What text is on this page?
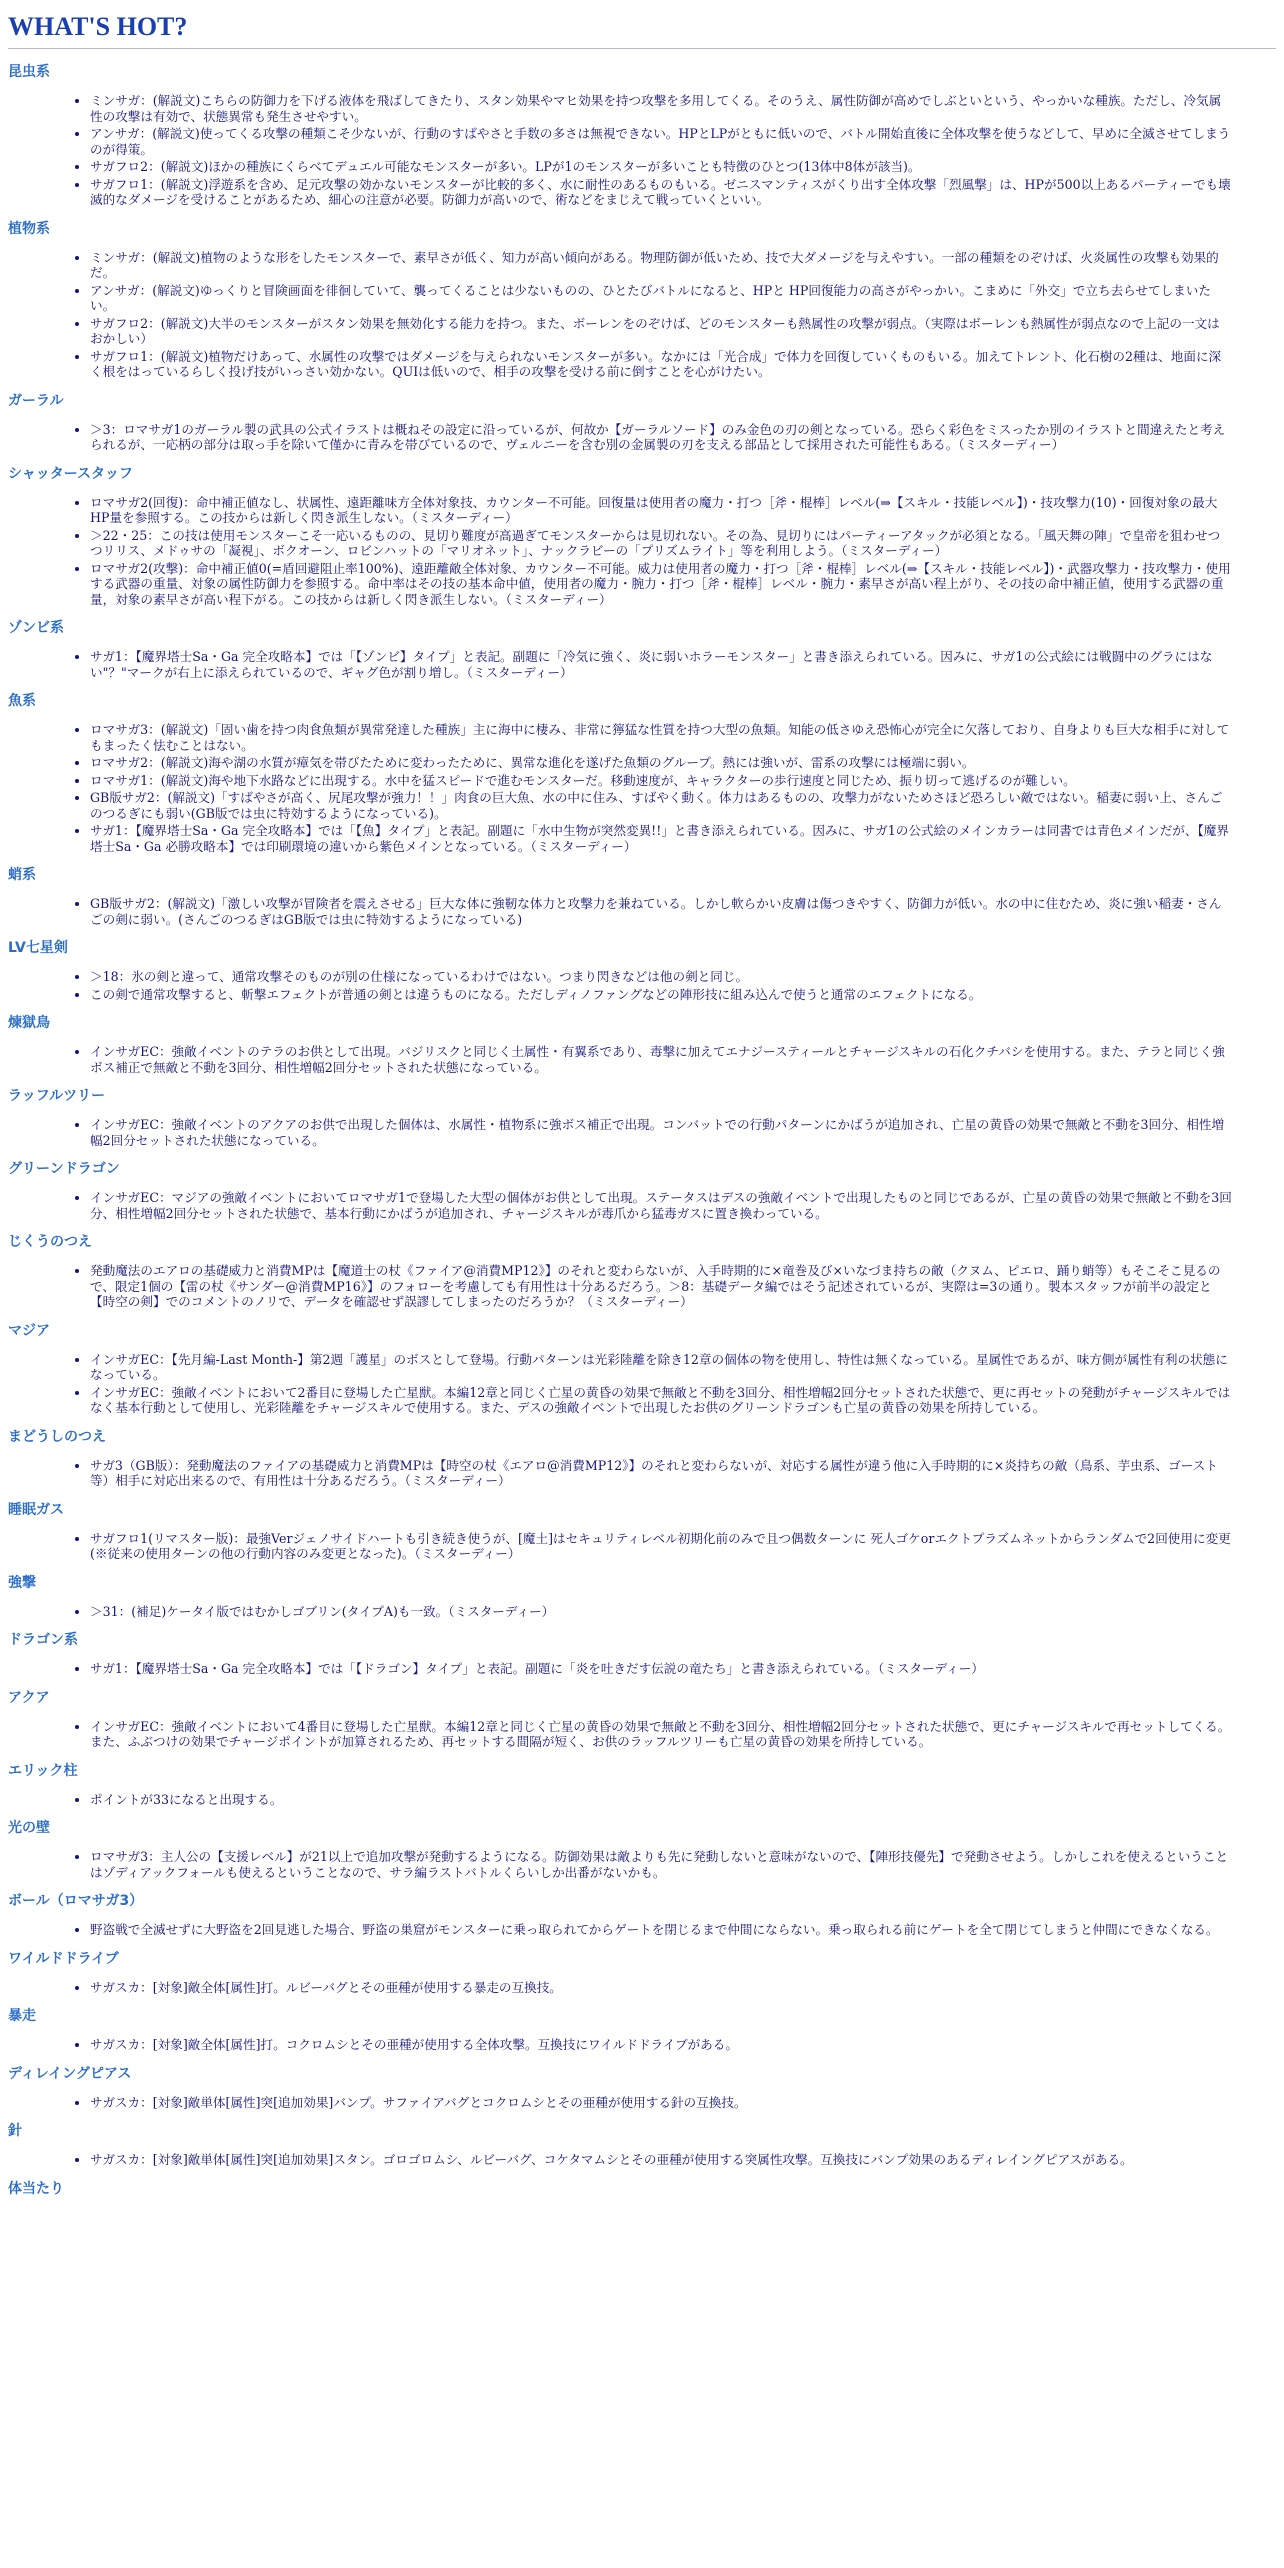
WHAT'S HOT?
昆虫系
• ミンサガ：(解説文)こちらの防御力を下げる液体を飛ばしてきたり、スタン効果やマヒ効果を持つ攻撃を多用してくる。そのうえ、属性防御が高めでしぶといという、やっかいな種族。ただし、冷気属性の攻撃は有効で、状態異常も発生させやすい。
• アンサガ：(解説文)使ってくる攻撃の種類こそ少ないが、行動のすばやさと手数の多さは無視できない。HPとLPがともに低いので、バトル開始直後に全体攻撃を使うなどして、早めに全滅させてしまうのが得策。
• サガフロ2：(解説文)ほかの種族にくらべてデュエル可能なモンスターが多い。LPが1のモンスターが多いことも特徴のひとつ(13体中8体が該当)。
• サガフロ1：(解説文)浮遊系を含め、足元攻撃の効かないモンスターが比較的多く、水に耐性のあるものもいる。ゼニスマンティスがくり出す全体攻撃「烈風撃」は、HPが500以上あるパーティーでも壊滅的なダメージを受けることがあるため、細心の注意が必要。防御力が高いので、術などをまじえて戦っていくといい。
植物系
• ミンサガ：(解説文)植物のような形をしたモンスターで、素早さが低く、知力が高い傾向がある。物理防御が低いため、技で大ダメージを与えやすい。一部の種類をのぞけば、火炎属性の攻撃も効果的だ。
• アンサガ：(解説文)ゆっくりと冒険画面を徘徊していて、襲ってくることは少ないものの、ひとたびバトルになると、HPと HP回復能力の高さがやっかい。こまめに「外交」で立ち去らせてしまいたい。
• サガフロ2：(解説文)大半のモンスターがスタン効果を無効化する能力を持つ。また、ボーレンをのぞけば、どのモンスターも熱属性の攻撃が弱点。（実際はボーレンも熱属性が弱点なので上記の一文はおかしい）
• サガフロ1：(解説文)植物だけあって、水属性の攻撃ではダメージを与えられないモンスターが多い。なかには「光合成」で体力を回復していくものもいる。加えてトレント、化石樹の2種は、地面に深く根をはっているらしく投げ技がいっさい効かない。QUIは低いので、相手の攻撃を受ける前に倒すことを心がけたい。
ガーラル
• ＞3：ロマサガ1のガーラル製の武具の公式イラストは概ねその設定に沿っているが、何故か【ガーラルソード】のみ金色の刃の剣となっている。恐らく彩色をミスったか別のイラストと間違えたと考えられるが、一応柄の部分は取っ手を除いて僅かに青みを帯びているので、ヴェルニーを含む別の金属製の刃を支える部品として採用された可能性もある。（ミスターディー）
シャッタースタッフ
• ロマサガ2(回復)：命中補正値なし、状属性、遠距離味方全体対象技、カウンター不可能。回復量は使用者の魔力・打つ［斧・棍棒］レベル(⇒【スキル・技能レベル】)・技攻撃力(10)・回復対象の最大HP量を参照する。この技からは新しく閃き派生しない。（ミスターディー）
• ＞22・25：この技は使用モンスターこそ一応いるものの、見切り難度が高過ぎてモンスターからは見切れない。その為、見切りにはパーティーアタックが必須となる。「風天舞の陣」で皇帝を狙わせつつリリス、メドゥサの「凝視」、ボクオーン、ロビンハットの「マリオネット」、ナックラビーの「プリズムライト」等を利用しよう。（ミスターディー）
• ロマサガ2(攻撃)：命中補正値0(=盾回避阻止率100%)、遠距離敵全体対象、カウンター不可能。威力は使用者の魔力・打つ［斧・棍棒］レベル(⇒【スキル・技能レベル】)・武器攻撃力・技攻撃力・使用する武器の重量、対象の属性防御力を参照する。命中率はその技の基本命中値，使用者の魔力・腕力・打つ［斧・棍棒］レベル・腕力・素早さが高い程上がり、その技の命中補正値，使用する武器の重量，対象の素早さが高い程下がる。この技からは新しく閃き派生しない。（ミスターディー）
ゾンビ系
• サガ1：【魔界塔士Sa・Ga 完全攻略本】では「【ゾンビ】タイプ」と表記。副題に「冷気に強く、炎に弱いホラーモンスター」と書き添えられている。因みに、サガ1の公式絵には戦闘中のグラにはない"？"マークが右上に添えられているので、ギャグ色が割り増し。（ミスターディー）
魚系
• ロマサガ3：(解説文)「固い歯を持つ肉食魚類が異常発達した種族」主に海中に棲み、非常に獰猛な性質を持つ大型の魚類。知能の低さゆえ恐怖心が完全に欠落しており、自身よりも巨大な相手に対してもまったく怯むことはない。
• ロマサガ2：(解説文)海や湖の水質が瘴気を帯びたために変わったために、異常な進化を遂げた魚類のグループ。熱には強いが、雷系の攻撃には極端に弱い。
• ロマサガ1：(解説文)海や地下水路などに出現する。水中を猛スピードで進むモンスターだ。移動速度が、キャラクターの歩行速度と同じため、振り切って逃げるのが難しい。
• GB版サガ2：(解説文)「すばやさが高く、尻尾攻撃が強力！！」肉食の巨大魚、水の中に住み、すばやく動く。体力はあるものの、攻撃力がないためさほど恐ろしい敵ではない。稲妻に弱い上、さんごのつるぎにも弱い(GB版では虫に特効するようになっている)。
• サガ1：【魔界塔士Sa・Ga 完全攻略本】では「【魚】タイプ」と表記。副題に「水中生物が突然変異!!」と書き添えられている。因みに、サガ1の公式絵のメインカラーは同書では青色メインだが、【魔界塔士Sa・Ga 必勝攻略本】では印刷環境の違いから紫色メインとなっている。（ミスターディー）
蛸系
• GB版サガ2：(解説文)「激しい攻撃が冒険者を震えさせる」巨大な体に強靭な体力と攻撃力を兼ねている。しかし軟らかい皮膚は傷つきやすく、防御力が低い。水の中に住むため、炎に強い稲妻・さんごの剣に弱い。(さんごのつるぎはGB版では虫に特効するようになっている)
LV七星剣
• ＞18：氷の剣と違って、通常攻撃そのものが別の仕様になっているわけではない。つまり閃きなどは他の剣と同じ。
• この剣で通常攻撃すると、斬撃エフェクトが普通の剣とは違うものになる。ただしディノファングなどの陣形技に組み込んで使うと通常のエフェクトになる。
煉獄鳥
• インサガEC：強敵イベントのテラのお供として出現。バジリスクと同じく土属性・有翼系であり、毒撃に加えてエナジースティールとチャージスキルの石化クチバシを使用する。また、テラと同じく強ボス補正で無敵と不動を3回分、相性増幅2回分セットされた状態になっている。
ラッフルツリー
• インサガEC：強敵イベントのアクアのお供で出現した個体は、水属性・植物系に強ボス補正で出現。コンバットでの行動パターンにかばうが追加され、亡星の黄昏の効果で無敵と不動を3回分、相性増幅2回分セットされた状態になっている。
グリーンドラゴン
• インサガEC：マジアの強敵イベントにおいてロマサガ1で登場した大型の個体がお供として出現。ステータスはデスの強敵イベントで出現したものと同じであるが、亡星の黄昏の効果で無敵と不動を3回分、相性増幅2回分セットされた状態で、基本行動にかばうが追加され、チャージスキルが毒爪から猛毒ガスに置き換わっている。
じくうのつえ
• 発動魔法のエアロの基礎威力と消費MPは【魔道士の杖《ファイア@消費MP12》】のそれと変わらないが、入手時期的に×竜巻及び×いなづま持ちの敵（クヌム、ピエロ、踊り蛸等）もそこそこ見るので、限定1個の【雷の杖《サンダー@消費MP16》】のフォローを考慮しても有用性は十分あるだろう。＞8：基礎データ編ではそう記述されているが、実際は=3の通り。製本スタッフが前半の設定と【時空の剣】でのコメントのノリで、データを確認せず誤謬してしまったのだろうか？（ミスターディー）
マジア
• インサガEC：【先月編-Last Month-】第2週「護星」のボスとして登場。行動パターンは光彩陸離を除き12章の個体の物を使用し、特性は無くなっている。星属性であるが、味方側が属性有利の状態になっている。
• インサガEC：強敵イベントにおいて2番目に登場した亡星獣。本編12章と同じく亡星の黄昏の効果で無敵と不動を3回分、相性増幅2回分セットされた状態で、更に再セットの発動がチャージスキルではなく基本行動として使用し、光彩陸離をチャージスキルで使用する。また、デスの強敵イベントで出現したお供のグリーンドラゴンも亡星の黄昏の効果を所持している。
まどうしのつえ
• サガ3（GB版）：発動魔法のファイアの基礎威力と消費MPは【時空の杖《エアロ@消費MP12》】のそれと変わらないが、対応する属性が違う他に入手時期的に×炎持ちの敵（鳥系、芋虫系、ゴースト等）相手に対応出来るので、有用性は十分あるだろう。（ミスターディー）
睡眠ガス
• サガフロ1(リマスター版)：最強Verジェノサイドハートも引き続き使うが、[魔土]はセキュリティレベル初期化前のみで且つ偶数ターンに 死人ゴケorエクトプラズムネットからランダムで2回使用に変更(※従来の使用ターンの他の行動内容のみ変更となった)。（ミスターディー）
強撃
• ＞31：(補足)ケータイ版ではむかしゴブリン(タイプA)も一致。（ミスターディー）
ドラゴン系
• サガ1：【魔界塔士Sa・Ga 完全攻略本】では「【ドラゴン】タイプ」と表記。副題に「炎を吐きだす伝説の竜たち」と書き添えられている。（ミスターディー）
アクア
• インサガEC：強敵イベントにおいて4番目に登場した亡星獣。本編12章と同じく亡星の黄昏の効果で無敵と不動を3回分、相性増幅2回分セットされた状態で、更にチャージスキルで再セットしてくる。また、ふぶつけの効果でチャージポイントが加算されるため、再セットする間隔が短く、お供のラッフルツリーも亡星の黄昏の効果を所持している。
エリック柱
• ポイントが33になると出現する。
光の壁
• ロマサガ3：主人公の【支援レベル】が21以上で追加攻撃が発動するようになる。防御効果は敵よりも先に発動しないと意味がないので、【陣形技優先】で発動させよう。しかしこれを使えるということはゾディアックフォールも使えるということなので、サラ編ラストバトルくらいしか出番がないかも。
ボール（ロマサガ3）
• 野盗戦で全滅せずに大野盗を2回見逃した場合、野盗の巣窟がモンスターに乗っ取られてからゲートを閉じるまで仲間にならない。乗っ取られる前にゲートを全て閉じてしまうと仲間にできなくなる。
ワイルドドライブ
• サガスカ：[対象]敵全体[属性]打。ルビーバグとその亜種が使用する暴走の互換技。
暴走
• サガスカ：[対象]敵全体[属性]打。コクロムシとその亜種が使用する全体攻撃。互換技にワイルドドライブがある。
ディレイングピアス
• サガスカ：[対象]敵単体[属性]突[追加効果]バンプ。サファイアバグとコクロムシとその亜種が使用する針の互換技。
針
• サガスカ：[対象]敵単体[属性]突[追加効果]スタン。ゴロゴロムシ、ルビーバグ、コケタマムシとその亜種が使用する突属性攻撃。互換技にバンプ効果のあるディレイングピアスがある。
体当たり
